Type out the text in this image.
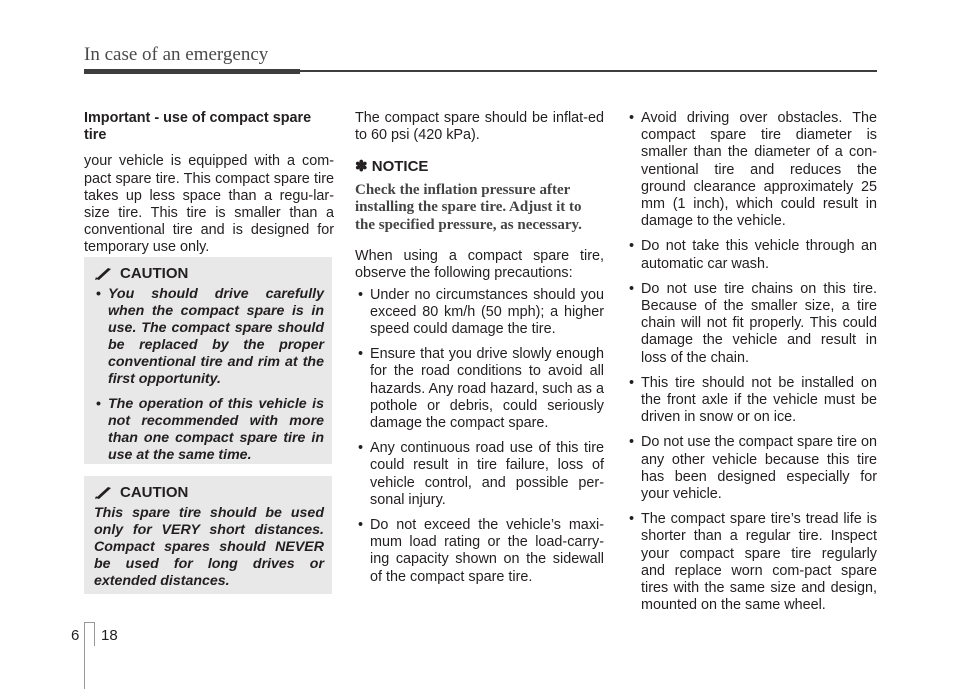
In case of an emergency
Important - use of compact spare tire

your vehicle is equipped with a com-pact spare tire. This compact spare tire takes up less space than a regu-lar-size tire. This tire is smaller than a conventional tire and is designed for temporary use only.

CAUTION
• You should drive carefully when the compact spare is in use. The compact spare should be replaced by the proper conventional tire and rim at the first opportunity.
• The operation of this vehicle is not recommended with more than one compact spare tire in use at the same time.
CAUTION
This spare tire should be used only for VERY short distances. Compact spares should NEVER be used for long drives or extended distances.

The compact spare should be inflat-ed to 60 psi (420 kPa).

✽ NOTICE
Check the inflation pressure after installing the spare tire. Adjust it to the specified pressure, as necessary.

When using a compact spare tire, observe the following precautions:

• Under no circumstances should you exceed 80 km/h (50 mph); a higher speed could damage the tire.
• Ensure that you drive slowly enough for the road conditions to avoid all hazards. Any road hazard, such as a pothole or debris, could seriously damage the compact spare.
• Any continuous road use of this tire could result in tire failure, loss of vehicle control, and possible per-sonal injury.
• Do not exceed the vehicle’s maxi-mum load rating or the load-carry-ing capacity shown on the sidewall of the compact spare tire.
• Avoid driving over obstacles. The compact spare tire diameter is smaller than the diameter of a con-ventional tire and reduces the ground clearance approximately 25 mm (1 inch), which could result in damage to the vehicle.
• Do not take this vehicle through an automatic car wash.
• Do not use tire chains on this tire. Because of the smaller size, a tire chain will not fit properly. This could damage the vehicle and result in loss of the chain.
• This tire should not be installed on the front axle if the vehicle must be driven in snow or on ice.
• Do not use the compact spare tire on any other vehicle because this tire has been designed especially for your vehicle.
• The compact spare tire’s tread life is shorter than a regular tire. Inspect your compact spare tire regularly and replace worn com-pact spare tires with the same size and design, mounted on the same wheel.
6 18
